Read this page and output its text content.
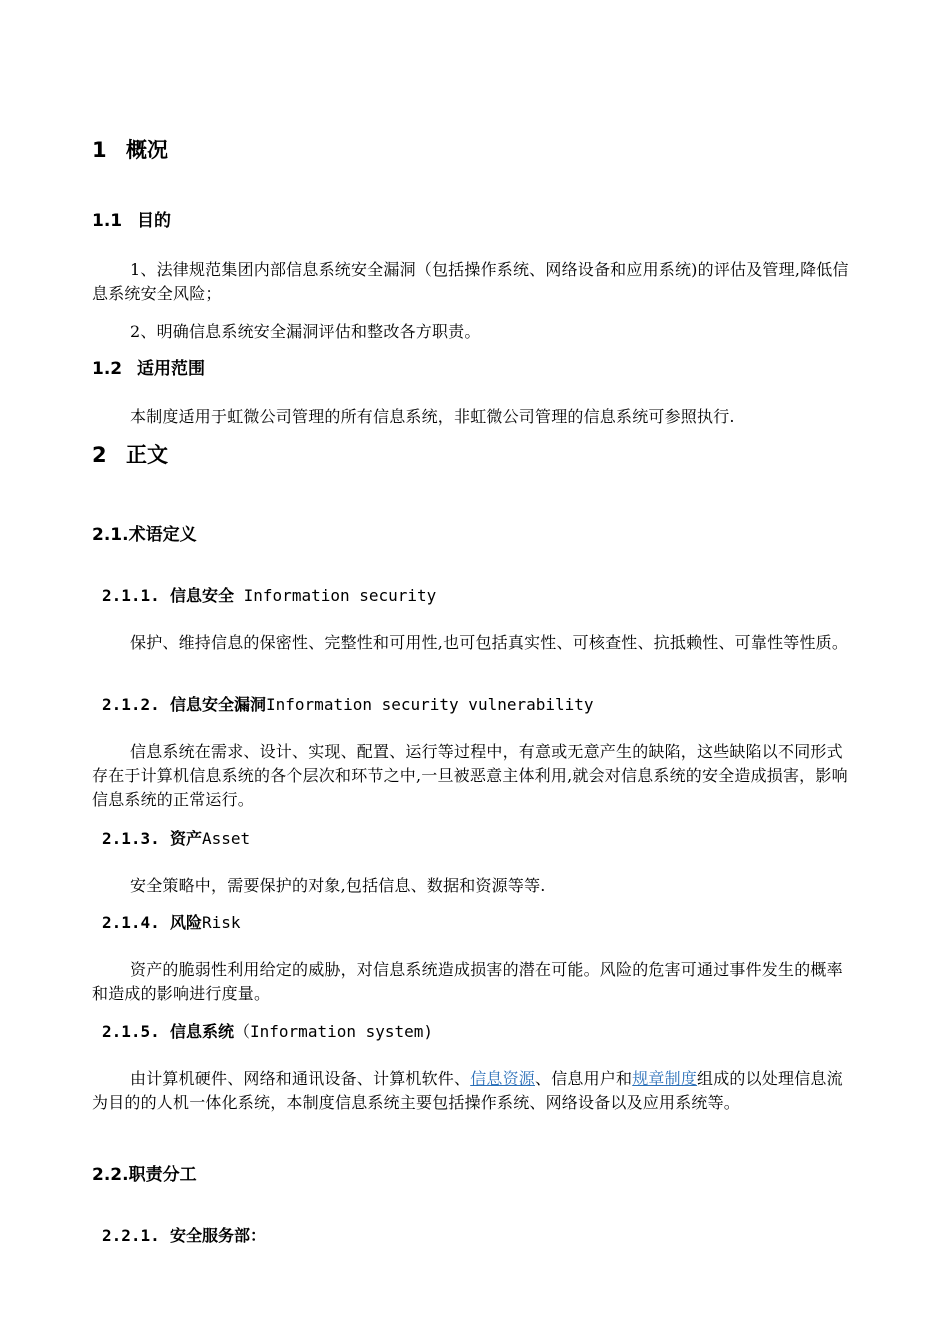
1 概况
1.1 目的

1、法律规范集团内部信息系统安全漏洞（包括操作系统、网络设备和应用系统)的评估及管理,降低信息系统安全风险；

2、明确信息系统安全漏洞评估和整改各方职责。

1.2 适用范围

本制度适用于虹微公司管理的所有信息系统，非虹微公司管理的信息系统可参照执行.

2 正文
2.1.术语定义
2.1.1. 信息安全 Information security

保护、维持信息的保密性、完整性和可用性,也可包括真实性、可核查性、抗抵赖性、可靠性等性质。

2.1.2. 信息安全漏洞Information security vulnerability

信息系统在需求、设计、实现、配置、运行等过程中，有意或无意产生的缺陷，这些缺陷以不同形式存在于计算机信息系统的各个层次和环节之中,一旦被恶意主体利用,就会对信息系统的安全造成损害，影响信息系统的正常运行。

2.1.3. 资产Asset

安全策略中，需要保护的对象,包括信息、数据和资源等等.

2.1.4. 风险Risk

资产的脆弱性利用给定的威胁，对信息系统造成损害的潜在可能。风险的危害可通过事件发生的概率和造成的影响进行度量。

2.1.5. 信息系统（Information system)

由计算机硬件、网络和通讯设备、计算机软件、信息资源、信息用户和规章制度组成的以处理信息流为目的的人机一体化系统，本制度信息系统主要包括操作系统、网络设备以及应用系统等。

2.2.职责分工
2.2.1. 安全服务部：
